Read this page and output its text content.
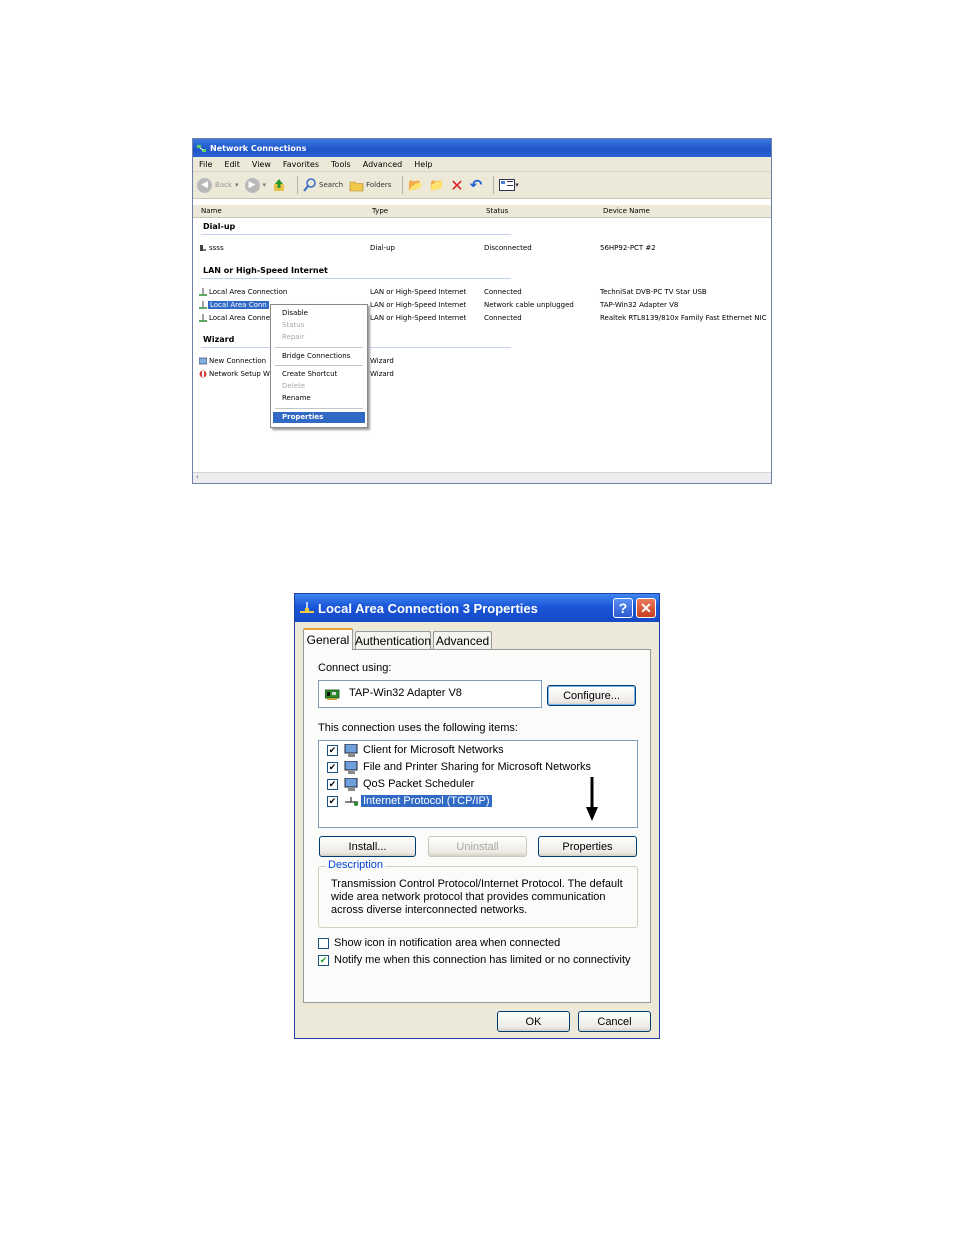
Network Connections
File	Edit	View	Favorites	Tools	Advanced	Help
◀	Back ▾	▶	▾	Search	Folders 📂 📁 ✕ ↶	▾
Name	Type	Status	Device Name
Dial-up
ssss	Dial-up	Disconnected	56HP92-PCT #2
LAN or High-Speed Internet
Local Area Connection	LAN or High-Speed Internet	Connected	TechniSat DVB-PC TV Star USB
Local Area Conn	LAN or High-Speed Internet	Network cable unplugged	TAP-Win32 Adapter V8
Local Area Conne	LAN or High-Speed Internet	Connected	Realtek RTL8139/810x Family Fast Ethernet NIC
Wizard
New Connection	Wizard
Network Setup W	Wizard
Disable
Status
Repair
Bridge Connections
Create Shortcut
Delete
Rename
Properties
‹
Local Area Connection 3 Properties	? ✕
General Authentication Advanced
Connect using:
TAP-Win32 Adapter V8	Configure...
This connection uses the following items:
✔
Client for Microsoft Networks
✔
File and Printer Sharing for Microsoft Networks
✔
QoS Packet Scheduler
✔
Internet Protocol (TCP/IP)
Install...	Uninstall	Properties
Description
Transmission Control Protocol/Internet Protocol. The default wide area network protocol that provides communication across diverse interconnected networks.
Show icon in notification area when connected
✔
Notify me when this connection has limited or no connectivity
OK	Cancel
